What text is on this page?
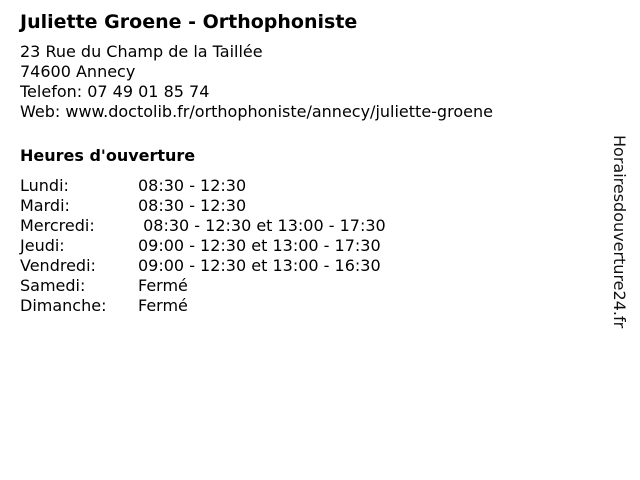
Juliette Groene - Orthophoniste
23 Rue du Champ de la Taillée
74600 Annecy
Telefon: 07 49 01 85 74
Web: www.doctolib.fr/orthophoniste/annecy/juliette-groene
Heures d'ouverture
Lundi:	08:30 - 12:30
Mardi:	08:30 - 12:30
Mercredi:	08:30 - 12:30 et 13:00 - 17:30
Jeudi:	09:00 - 12:30 et 13:00 - 17:30
Vendredi:	09:00 - 12:30 et 13:00 - 16:30
Samedi:	Fermé
Dimanche:	Fermé	Horairesdouverture24.fr
